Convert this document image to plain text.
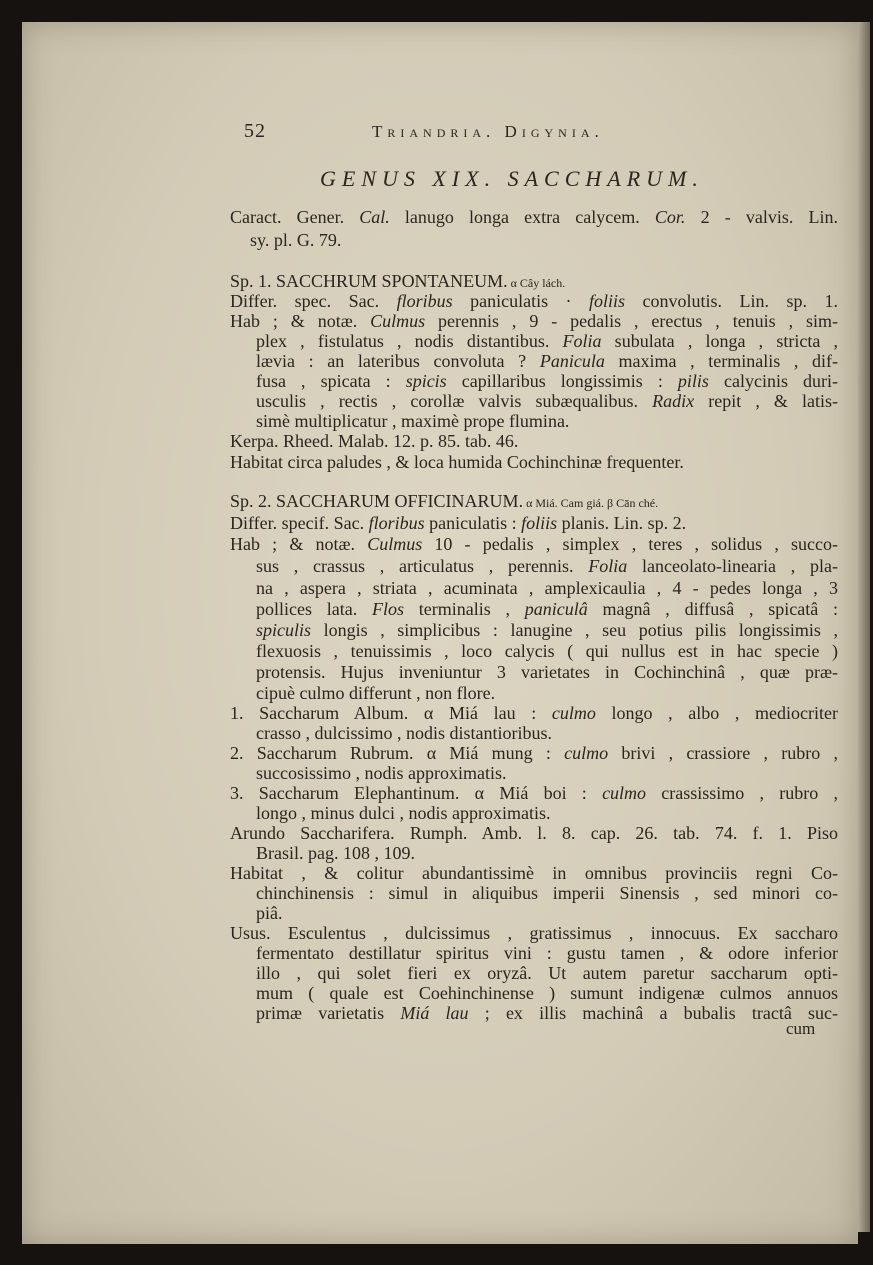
52	Triandria. Digynia.
GENUS XIX. SACCHARUM.
Caract. Gener. Cal. lanugo longa extra calycem. Cor. 2 - valvis. Lin.
sy. pl. G. 79.
Sp. 1. SACCHRUM SPONTANEUM. α Cây lách.
Differ. spec. Sac. floribus paniculatis · foliis convolutis. Lin. sp. 1.
Hab ; & notæ. Culmus perennis , 9 - pedalis , erectus , tenuis , sim-
plex , fistulatus , nodis distantibus. Folia subulata , longa , stricta ,
lævia : an lateribus convoluta ? Panicula maxima , terminalis , dif-
fusa , spicata : spicis capillaribus longissimis : pilis calycinis duri-
usculis , rectis , corollæ valvis subæqualibus. Radix repit , & latis-
simè multiplicatur , maximè prope flumina.
Kerpa. Rheed. Malab. 12. p. 85. tab. 46.
Habitat circa paludes , & loca humida Cochinchinæ frequenter.
Sp. 2. SACCHARUM OFFICINARUM. α Miá. Cam giá. β Cān ché.
Differ. specif. Sac. floribus paniculatis : foliis planis. Lin. sp. 2.
Hab ; & notæ. Culmus 10 - pedalis , simplex , teres , solidus , succo-
sus , crassus , articulatus , perennis. Folia lanceolato-linearia , pla-
na , aspera , striata , acuminata , amplexicaulia , 4 - pedes longa , 3
pollices lata. Flos terminalis , paniculâ magnâ , diffusâ , spicatâ :
spiculis longis , simplicibus : lanugine , seu potius pilis longissimis ,
flexuosis , tenuissimis , loco calycis ( qui nullus est in hac specie )
protensis. Hujus inveniuntur 3 varietates in Cochinchinâ , quæ præ-
cipuè culmo differunt , non flore.
1. Saccharum Album. α Miá lau : culmo longo , albo , mediocriter
crasso , dulcissimo , nodis distantioribus.
2. Saccharum Rubrum. α Miá mung : culmo brivi , crassiore , rubro ,
succosissimo , nodis approximatis.
3. Saccharum Elephantinum. α Miá boi : culmo crassissimo , rubro ,
longo , minus dulci , nodis approximatis.
Arundo Saccharifera. Rumph. Amb. l. 8. cap. 26. tab. 74. f. 1. Piso
Brasil. pag. 108 , 109.
Habitat , & colitur abundantissimè in omnibus provinciis regni Co-
chinchinensis : simul in aliquibus imperii Sinensis , sed minori co-
piâ.
Usus. Esculentus , dulcissimus , gratissimus , innocuus. Ex saccharo
fermentato destillatur spiritus vini : gustu tamen , & odore inferior
illo , qui solet fieri ex oryzâ. Ut autem paretur saccharum opti-
mum ( quale est Coehinchinense ) sumunt indigenæ culmos annuos
primæ varietatis Miá lau ; ex illis machinâ a bubalis tractâ suc-
cum
